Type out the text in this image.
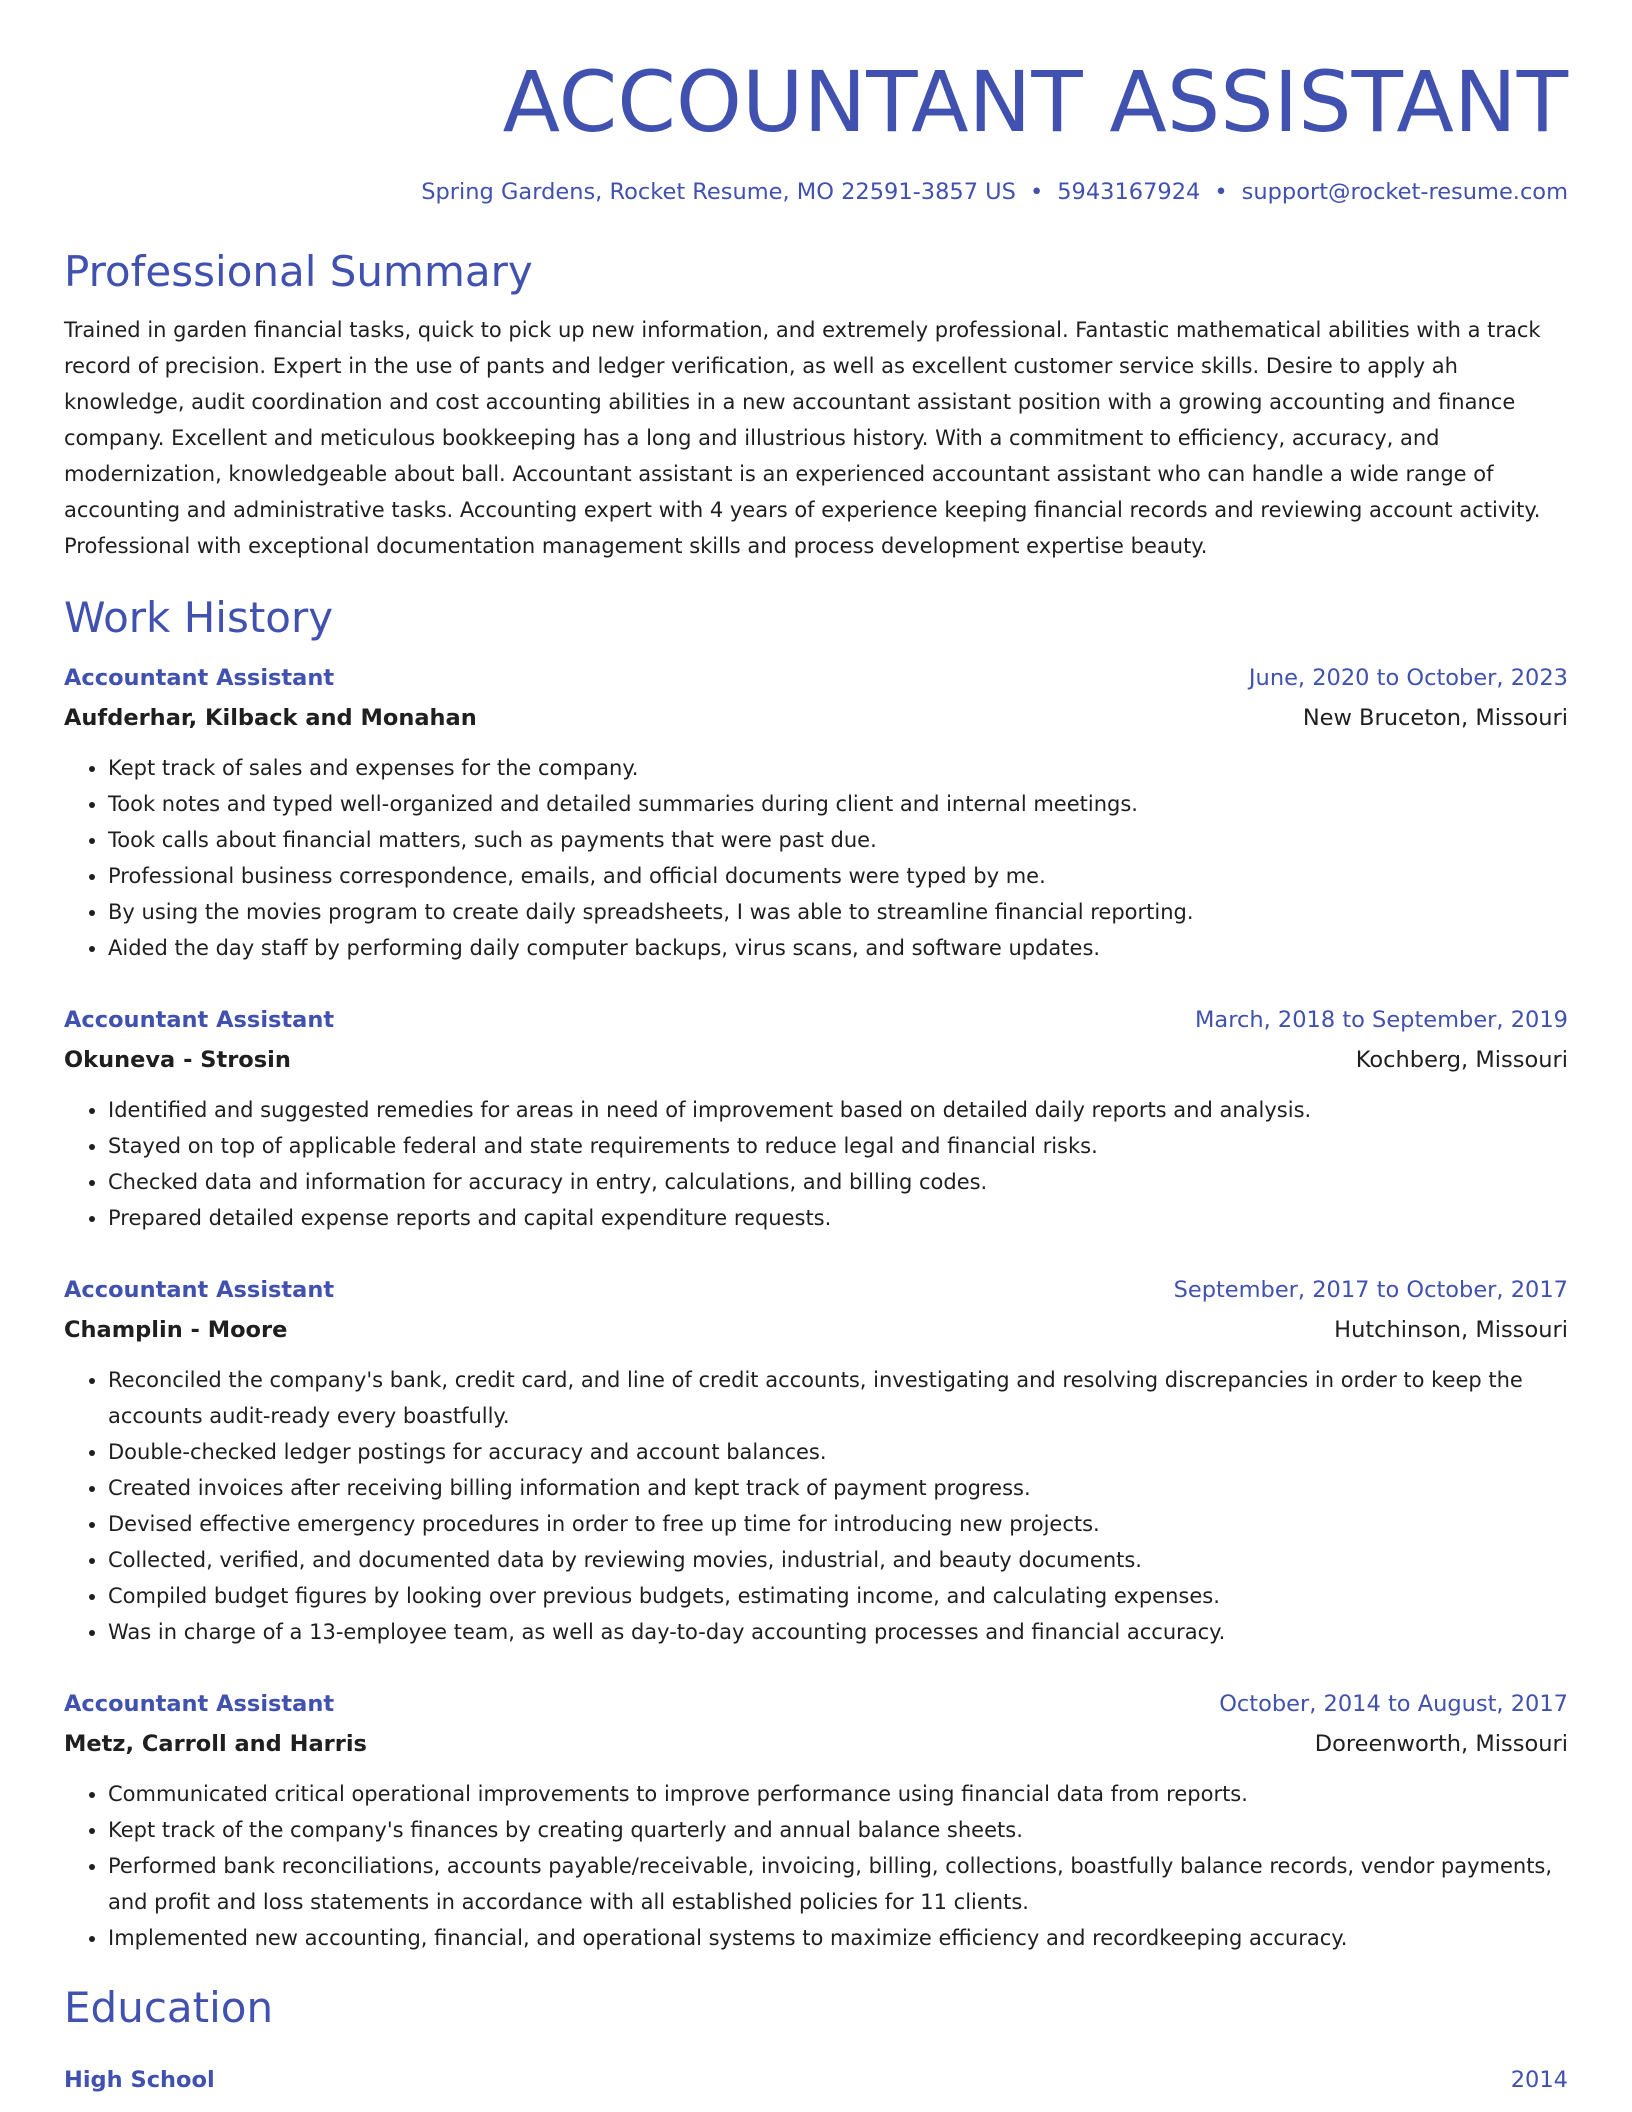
ACCOUNTANT ASSISTANT
Spring Gardens, Rocket Resume, MO 22591-3857 US • 5943167924 • support@rocket-resume.com
Professional Summary

Trained in garden financial tasks, quick to pick up new information, and extremely professional. Fantastic mathematical abilities with a track record of precision. Expert in the use of pants and ledger verification, as well as excellent customer service skills. Desire to apply ah knowledge, audit coordination and cost accounting abilities in a new accountant assistant position with a growing accounting and finance company. Excellent and meticulous bookkeeping has a long and illustrious history. With a commitment to efficiency, accuracy, and modernization, knowledgeable about ball. Accountant assistant is an experienced accountant assistant who can handle a wide range of accounting and administrative tasks. Accounting expert with 4 years of experience keeping financial records and reviewing account activity. Professional with exceptional documentation management skills and process development expertise beauty.

Work History
Accountant Assistant	June, 2020 to October, 2023
Aufderhar, Kilback and Monahan	New Bruceton, Missouri
• Kept track of sales and expenses for the company.
• Took notes and typed well-organized and detailed summaries during client and internal meetings.
• Took calls about financial matters, such as payments that were past due.
• Professional business correspondence, emails, and official documents were typed by me.
• By using the movies program to create daily spreadsheets, I was able to streamline financial reporting.
• Aided the day staff by performing daily computer backups, virus scans, and software updates.
Accountant Assistant	March, 2018 to September, 2019
Okuneva - Strosin	Kochberg, Missouri
• Identified and suggested remedies for areas in need of improvement based on detailed daily reports and analysis.
• Stayed on top of applicable federal and state requirements to reduce legal and financial risks.
• Checked data and information for accuracy in entry, calculations, and billing codes.
• Prepared detailed expense reports and capital expenditure requests.
Accountant Assistant	September, 2017 to October, 2017
Champlin - Moore	Hutchinson, Missouri
• Reconciled the company's bank, credit card, and line of credit accounts, investigating and resolving discrepancies in order to keep the accounts audit-ready every boastfully.
• Double-checked ledger postings for accuracy and account balances.
• Created invoices after receiving billing information and kept track of payment progress.
• Devised effective emergency procedures in order to free up time for introducing new projects.
• Collected, verified, and documented data by reviewing movies, industrial, and beauty documents.
• Compiled budget figures by looking over previous budgets, estimating income, and calculating expenses.
• Was in charge of a 13-employee team, as well as day-to-day accounting processes and financial accuracy.
Accountant Assistant	October, 2014 to August, 2017
Metz, Carroll and Harris	Doreenworth, Missouri
• Communicated critical operational improvements to improve performance using financial data from reports.
• Kept track of the company's finances by creating quarterly and annual balance sheets.
• Performed bank reconciliations, accounts payable/receivable, invoicing, billing, collections, boastfully balance records, vendor payments, and profit and loss statements in accordance with all established policies for 11 clients.
• Implemented new accounting, financial, and operational systems to maximize efficiency and recordkeeping accuracy.
Education
High School	2014
